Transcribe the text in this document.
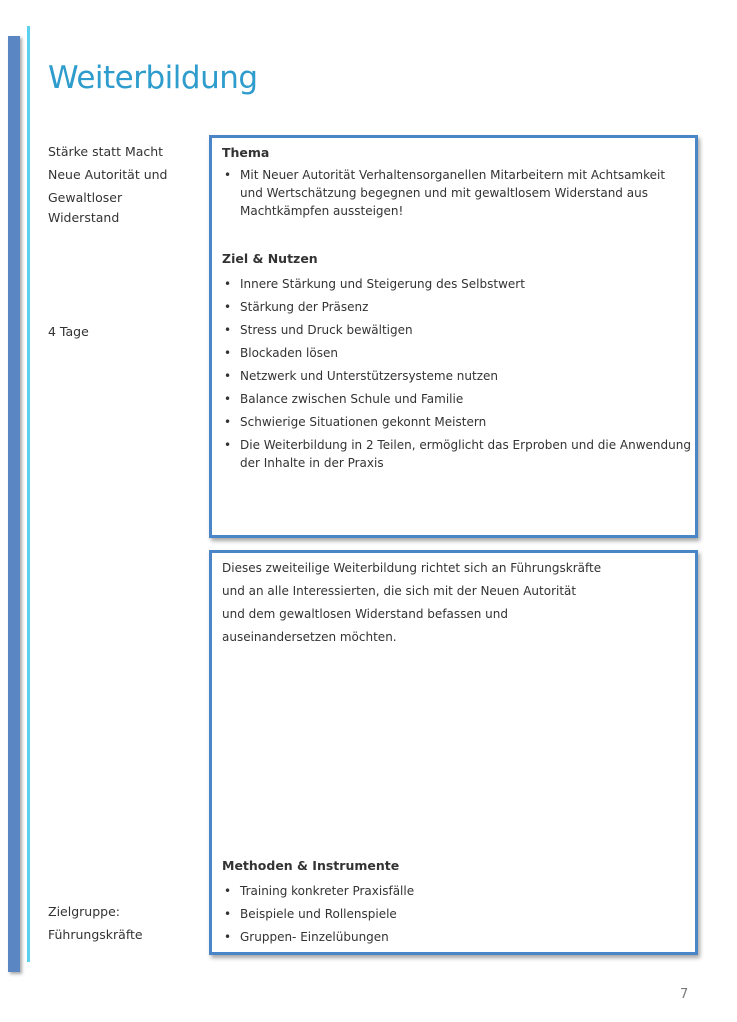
Weiterbildung
Stärke statt Macht
Neue Autorität und
Gewaltloser
Widerstand
4 Tage
Zielgruppe:
Führungskräfte
Thema
• Mit Neuer Autorität Verhaltensorganellen Mitarbeitern mit Achtsamkeit und Wertschätzung begegnen und mit gewaltlosem Widerstand aus Machtkämpfen aussteigen!
Ziel & Nutzen
• Innere Stärkung und Steigerung des Selbstwert
• Stärkung der Präsenz
• Stress und Druck bewältigen
• Blockaden lösen
• Netzwerk und Unterstützersysteme nutzen
• Balance zwischen Schule und Familie
• Schwierige Situationen gekonnt Meistern
• Die Weiterbildung in 2 Teilen, ermöglicht das Erproben und die Anwendung der Inhalte in der Praxis
Dieses zweiteilige Weiterbildung richtet sich an Führungskräfte
und an alle Interessierten, die sich mit der Neuen Autorität
und dem gewaltlosen Widerstand befassen und
auseinandersetzen möchten.
Methoden & Instrumente
• Training konkreter Praxisfälle
• Beispiele und Rollenspiele
• Gruppen- Einzelübungen
7
